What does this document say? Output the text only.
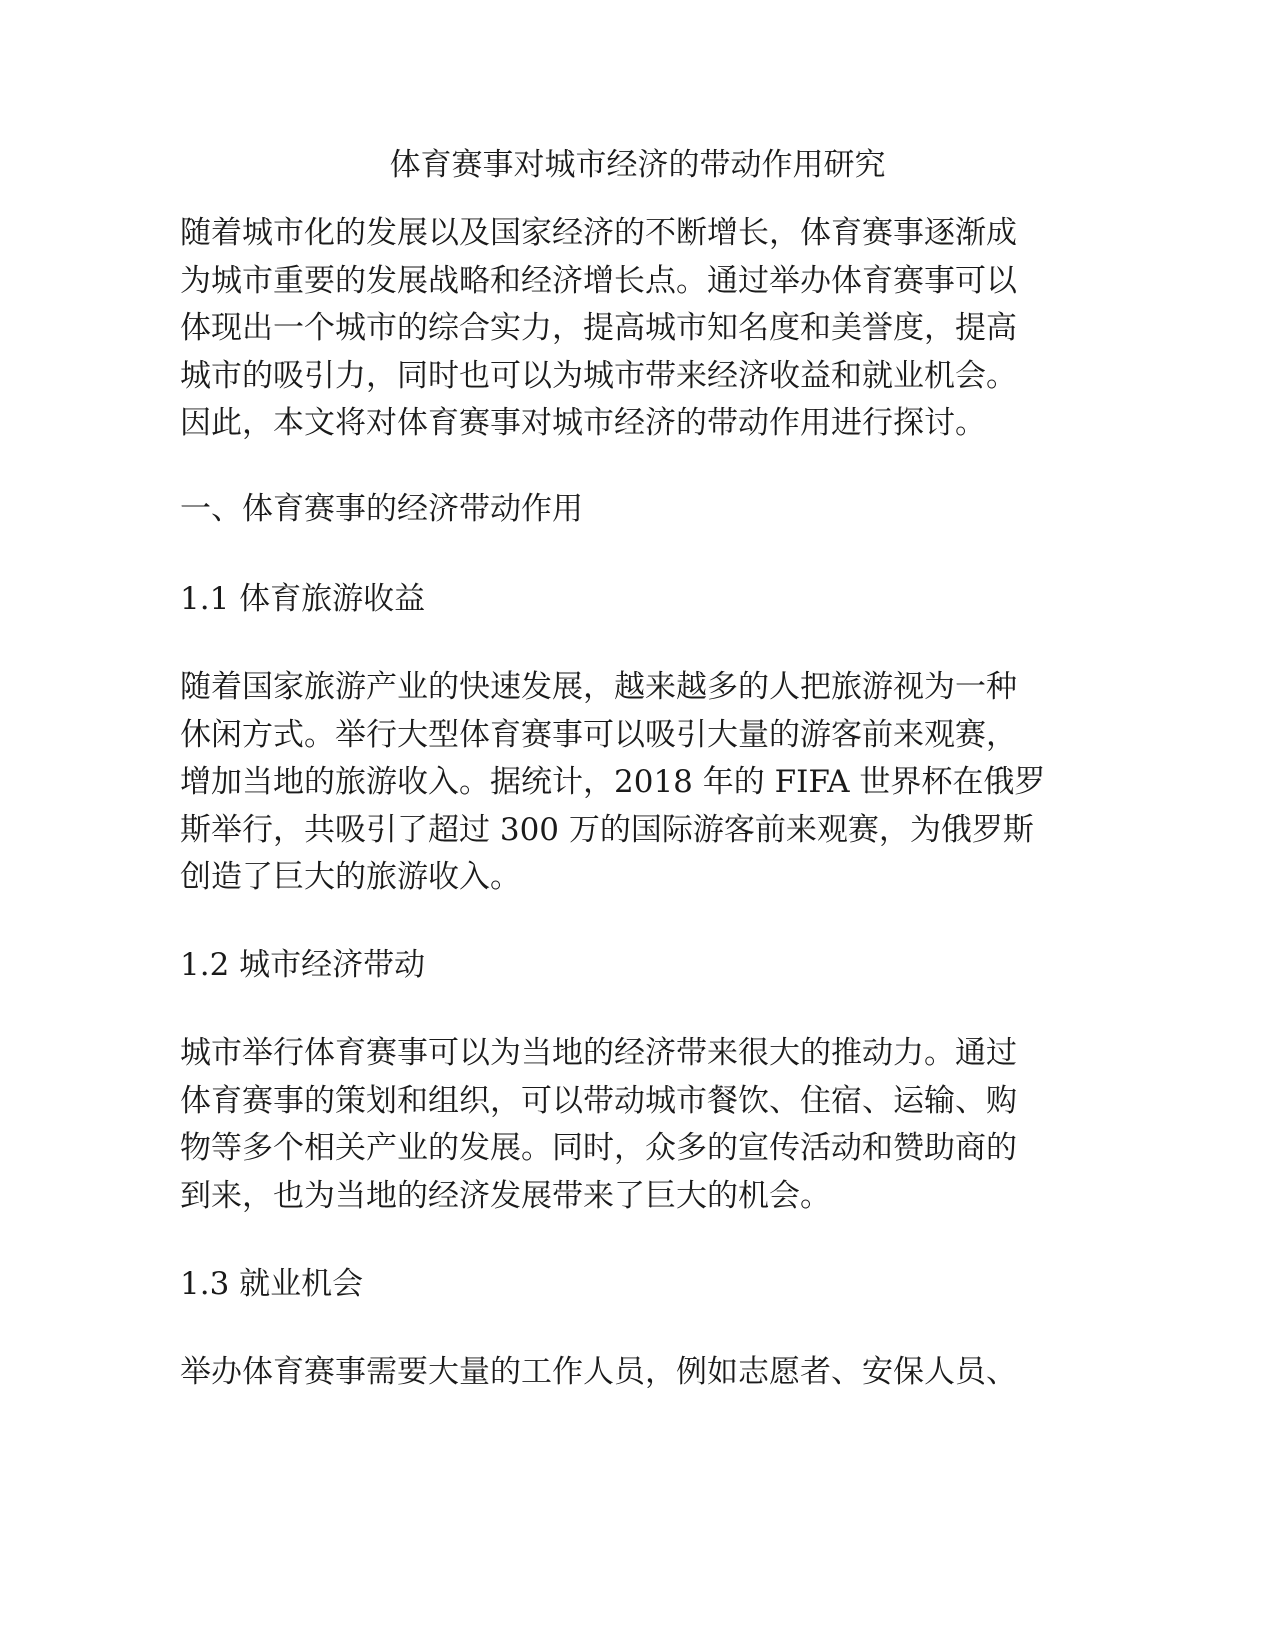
体育赛事对城市经济的带动作用研究
随着城市化的发展以及国家经济的不断增长，体育赛事逐渐成
为城市重要的发展战略和经济增长点。通过举办体育赛事可以
体现出一个城市的综合实力，提高城市知名度和美誉度，提高
城市的吸引力，同时也可以为城市带来经济收益和就业机会。
因此，本文将对体育赛事对城市经济的带动作用进行探讨。
一、体育赛事的经济带动作用
1.1 体育旅游收益
随着国家旅游产业的快速发展，越来越多的人把旅游视为一种
休闲方式。举行大型体育赛事可以吸引大量的游客前来观赛，
增加当地的旅游收入。据统计，2018 年的 FIFA 世界杯在俄罗
斯举行，共吸引了超过 300 万的国际游客前来观赛，为俄罗斯
创造了巨大的旅游收入。
1.2 城市经济带动
城市举行体育赛事可以为当地的经济带来很大的推动力。通过
体育赛事的策划和组织，可以带动城市餐饮、住宿、运输、购
物等多个相关产业的发展。同时，众多的宣传活动和赞助商的
到来，也为当地的经济发展带来了巨大的机会。
1.3 就业机会
举办体育赛事需要大量的工作人员，例如志愿者、安保人员、
